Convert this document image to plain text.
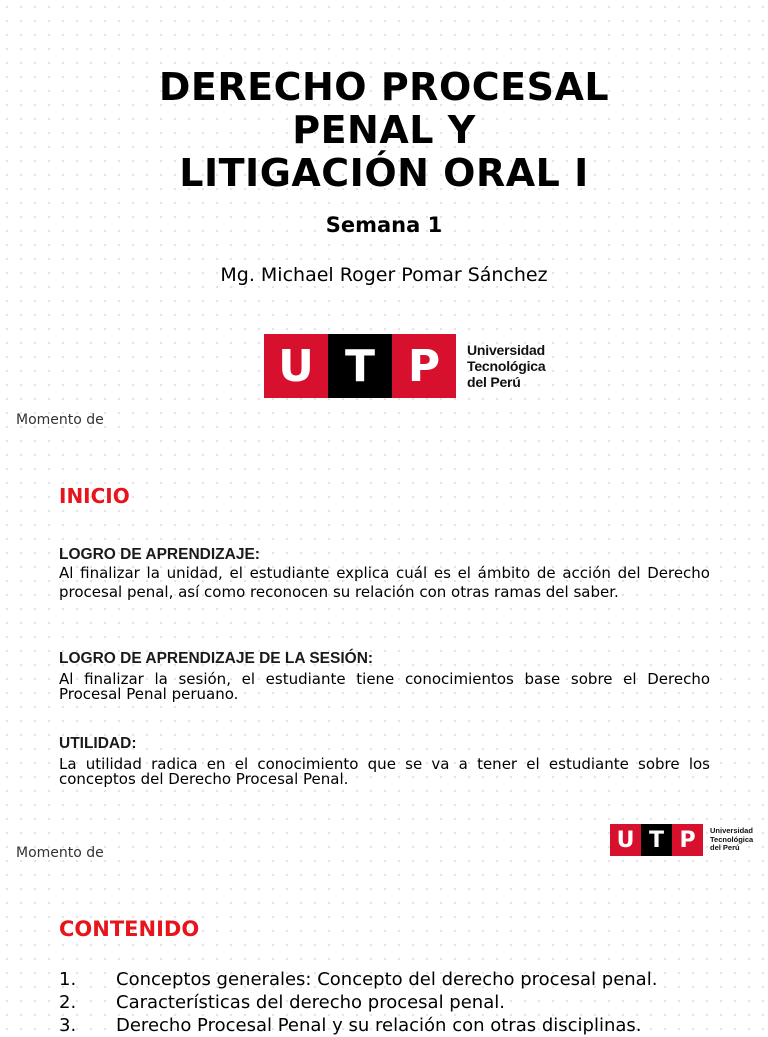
DERECHO PROCESAL
PENAL Y
LITIGACIÓN ORAL I
Semana 1
Mg. Michael Roger Pomar Sánchez
U T P	Universidad
Tecnológica
del Perú
Momento de
INICIO
LOGRO DE APRENDIZAJE:
Al finalizar la unidad, el estudiante explica cuál es el ámbito de acción del Derecho procesal penal, así como reconocen su relación con otras ramas del saber.
LOGRO DE APRENDIZAJE DE LA SESIÓN:
Al finalizar la sesión, el estudiante tiene conocimientos base sobre el Derecho Procesal Penal peruano.
UTILIDAD:
La utilidad radica en el conocimiento que se va a tener el estudiante sobre los conceptos del Derecho Procesal Penal.
Momento de
U T P	Universidad
Tecnológica
del Perú
CONTENIDO
1.	Conceptos generales: Concepto del derecho procesal penal.
2.	Características del derecho procesal penal.
3.	Derecho Procesal Penal y su relación con otras disciplinas.
